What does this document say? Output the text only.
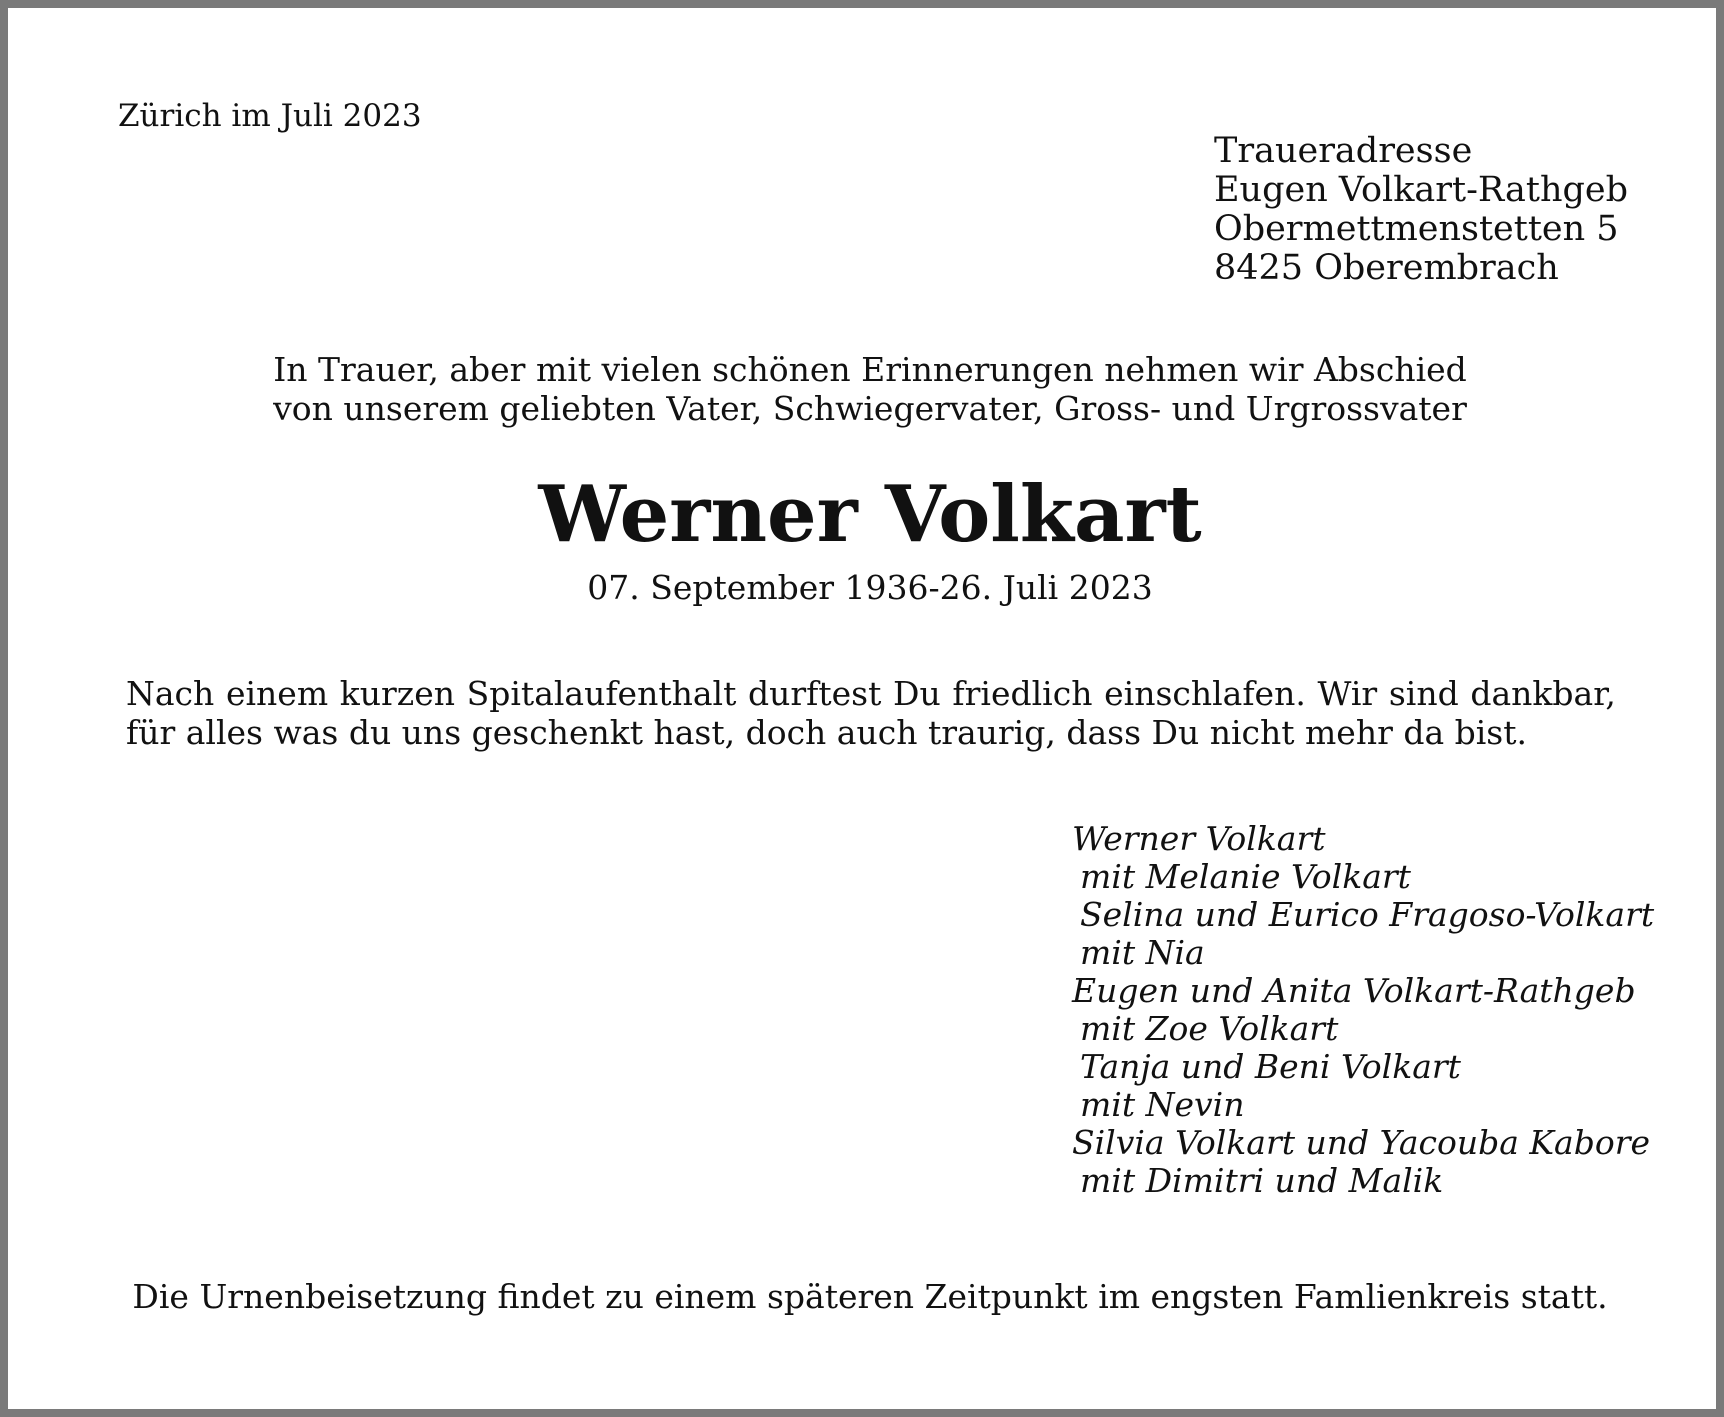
Zürich im Juli 2023
Traueradresse
Eugen Volkart-Rathgeb
Obermettmenstetten 5
8425 Oberembrach
In Trauer, aber mit vielen schönen Erinnerungen nehmen wir Abschied
von unserem geliebten Vater, Schwiegervater, Gross- und Urgrossvater
Werner Volkart
07. September 1936-26. Juli 2023
Nach einem kurzen Spitalaufenthalt durftest Du friedlich einschlafen. Wir sind dankbar,
für alles was du uns geschenkt hast, doch auch traurig, dass Du nicht mehr da bist.
Werner Volkart
mit Melanie Volkart
Selina und Eurico Fragoso-Volkart
mit Nia
Eugen und Anita Volkart-Rathgeb
mit Zoe Volkart
Tanja und Beni Volkart
mit Nevin
Silvia Volkart und Yacouba Kabore
mit Dimitri und Malik
Die Urnenbeisetzung findet zu einem späteren Zeitpunkt im engsten Famlienkreis statt.
